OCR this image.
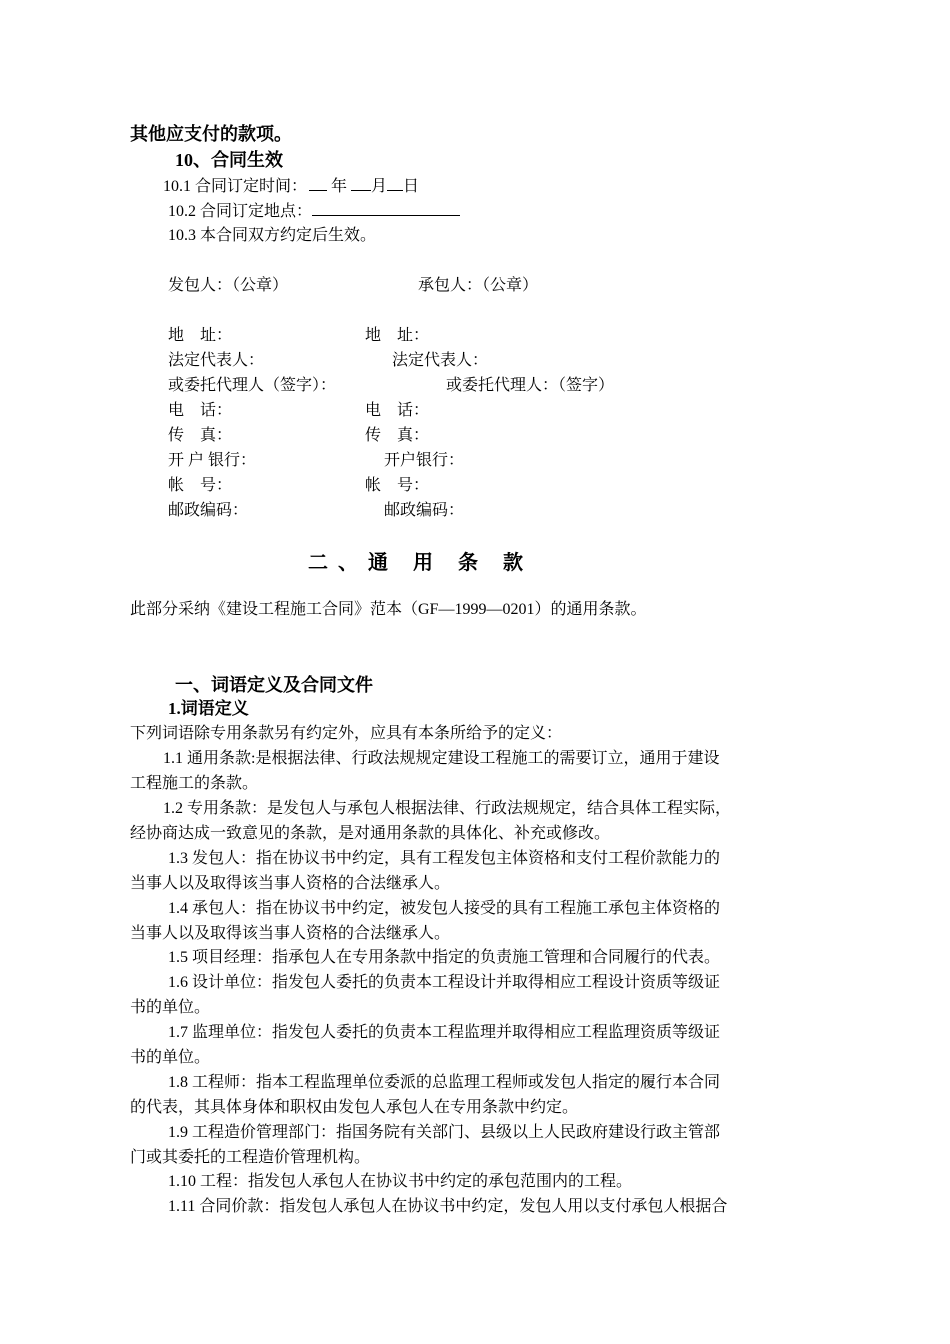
其他应支付的款项。
10、合同生效
10.1 合同订定时间： 年 月 日
10.2 合同订定地点：
10.3 本合同双方约定后生效。
发包人：（公章）	承包人：（公章）
地　址：	地　址：
法定代表人：	法定代表人：
或委托代理人（签字）：	或委托代理人：（签字）
电　话：	电　话：
传　真：	传　真：
开 户 银行：	开户银行：
帐　号：	帐　号：
邮政编码：	邮政编码：
二、通 用 条 款
此部分采纳《建设工程施工合同》范本（GF—1999—0201）的通用条款。
一、词语定义及合同文件
1.词语定义
下列词语除专用条款另有约定外，应具有本条所给予的定义：
1.1 通用条款:是根据法律、行政法规规定建设工程施工的需要订立，通用于建设
工程施工的条款。
1.2 专用条款：是发包人与承包人根据法律、行政法规规定，结合具体工程实际，
经协商达成一致意见的条款，是对通用条款的具体化、补充或修改。
1.3 发包人：指在协议书中约定，具有工程发包主体资格和支付工程价款能力的
当事人以及取得该当事人资格的合法继承人。
1.4 承包人：指在协议书中约定，被发包人接受的具有工程施工承包主体资格的
当事人以及取得该当事人资格的合法继承人。
1.5 项目经理：指承包人在专用条款中指定的负责施工管理和合同履行的代表。
1.6 设计单位：指发包人委托的负责本工程设计并取得相应工程设计资质等级证
书的单位。
1.7 监理单位：指发包人委托的负责本工程监理并取得相应工程监理资质等级证
书的单位。
1.8 工程师：指本工程监理单位委派的总监理工程师或发包人指定的履行本合同
的代表，其具体身体和职权由发包人承包人在专用条款中约定。
1.9 工程造价管理部门：指国务院有关部门、县级以上人民政府建设行政主管部
门或其委托的工程造价管理机构。
1.10 工程：指发包人承包人在协议书中约定的承包范围内的工程。
1.11 合同价款：指发包人承包人在协议书中约定，发包人用以支付承包人根据合
